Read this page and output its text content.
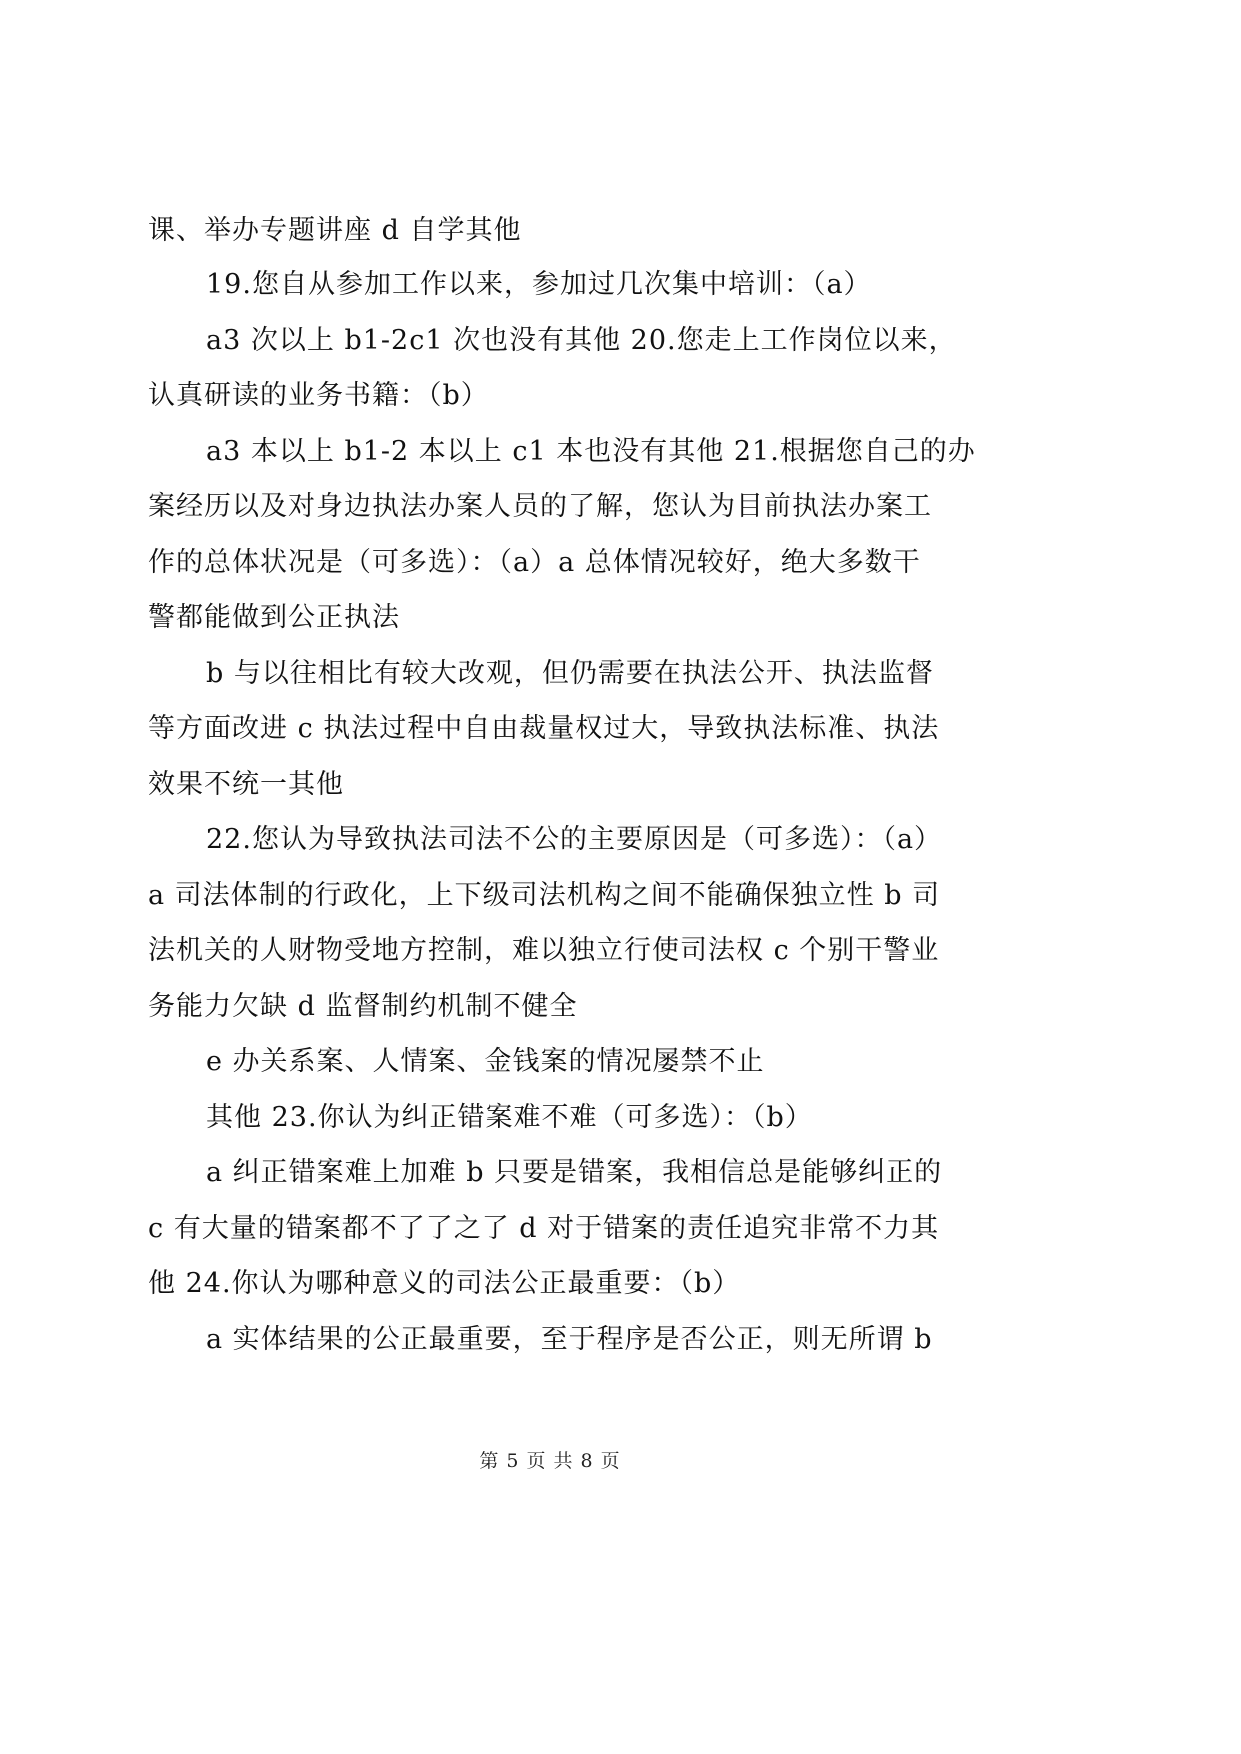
课、举办专题讲座 d 自学其他
19.您自从参加工作以来，参加过几次集中培训：（a）
a3 次以上 b1-2c1 次也没有其他 20.您走上工作岗位以来，
认真研读的业务书籍：（b）
a3 本以上 b1-2 本以上 c1 本也没有其他 21.根据您自己的办
案经历以及对身边执法办案人员的了解，您认为目前执法办案工
作的总体状况是（可多选）：（a）a 总体情况较好，绝大多数干
警都能做到公正执法
b 与以往相比有较大改观，但仍需要在执法公开、执法监督
等方面改进 c 执法过程中自由裁量权过大，导致执法标准、执法
效果不统一其他
22.您认为导致执法司法不公的主要原因是（可多选）：（a）
a 司法体制的行政化，上下级司法机构之间不能确保独立性 b 司
法机关的人财物受地方控制，难以独立行使司法权 c 个别干警业
务能力欠缺 d 监督制约机制不健全
e 办关系案、人情案、金钱案的情况屡禁不止
其他 23.你认为纠正错案难不难（可多选）：（b）
a 纠正错案难上加难 b 只要是错案，我相信总是能够纠正的
c 有大量的错案都不了了之了 d 对于错案的责任追究非常不力其
他 24.你认为哪种意义的司法公正最重要：（b）
a 实体结果的公正最重要，至于程序是否公正，则无所谓 b
第 5 页 共 8 页
